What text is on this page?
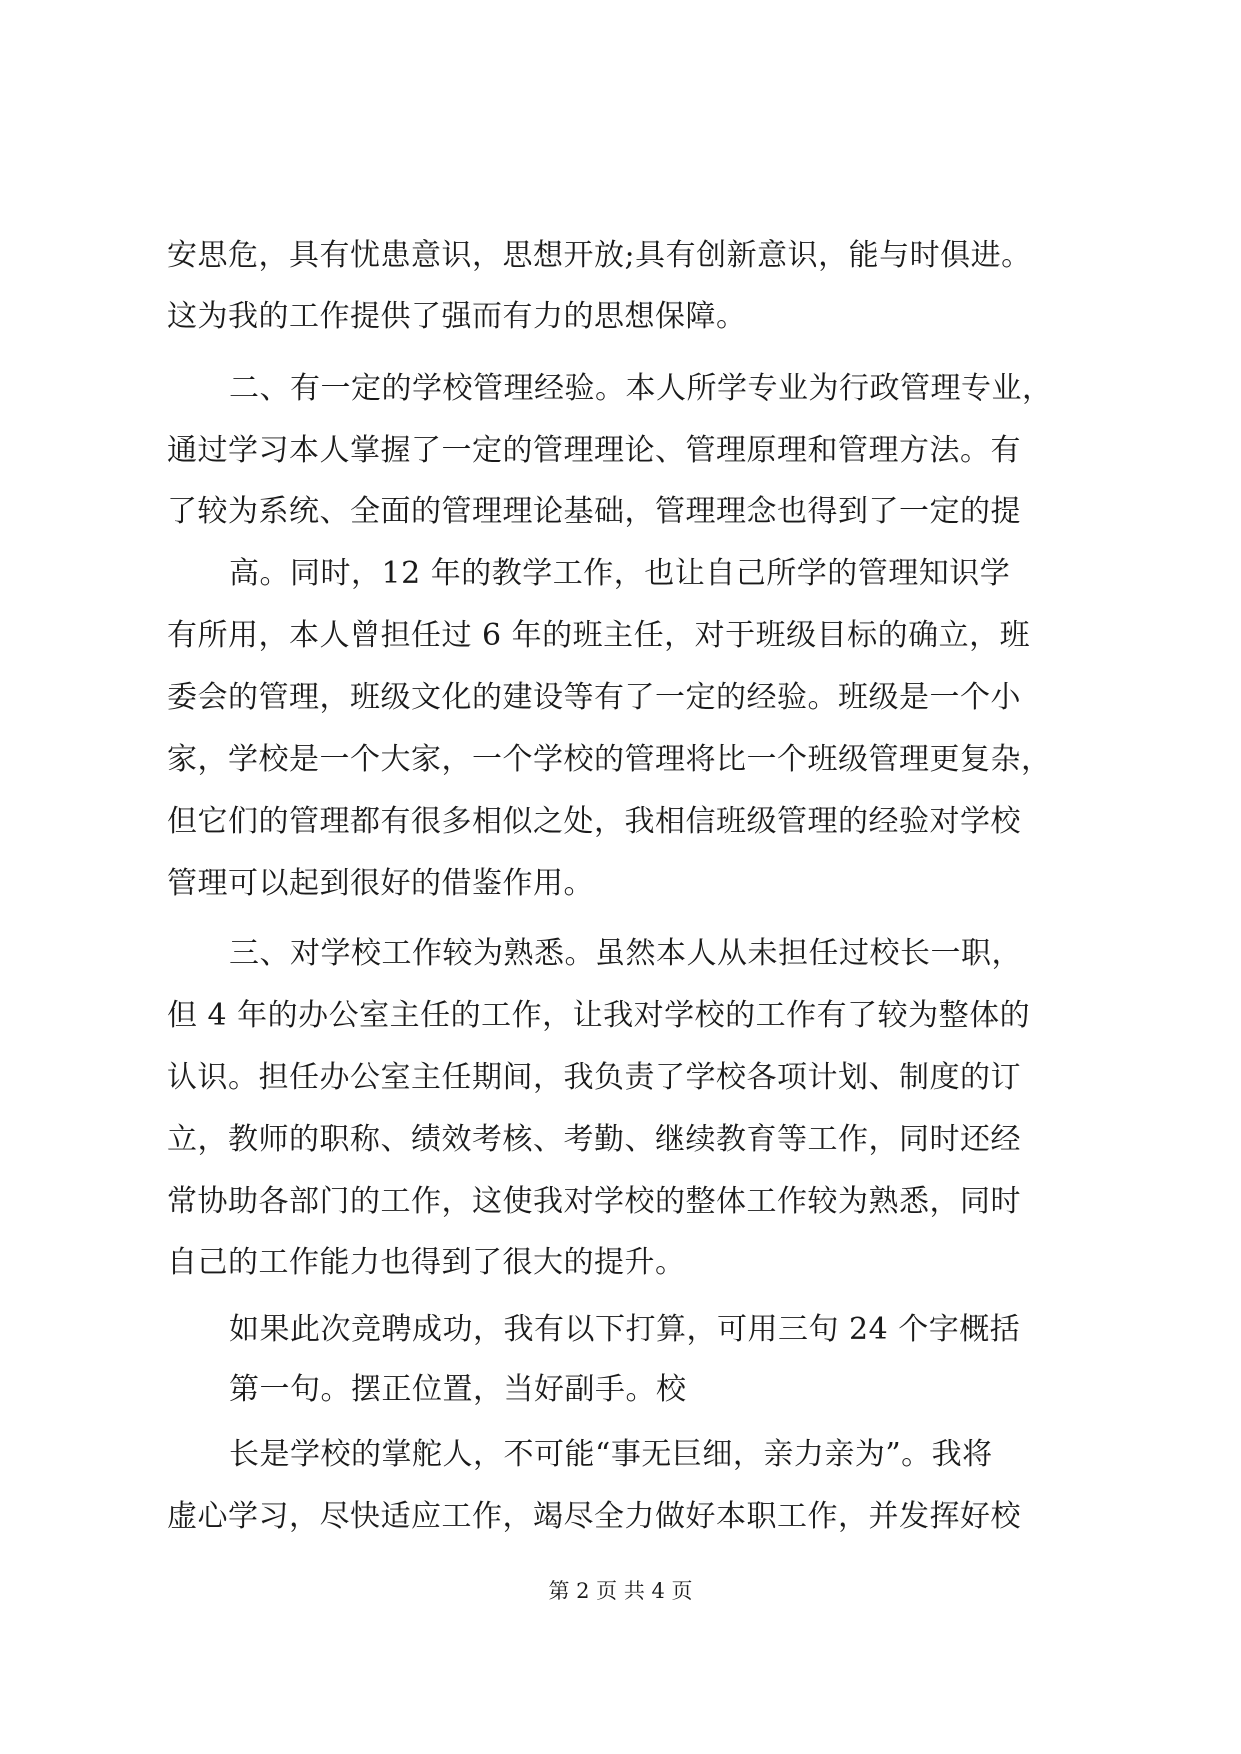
安思危，具有忧患意识，思想开放;具有创新意识，能与时俱进。
这为我的工作提供了强而有力的思想保障。
二、有一定的学校管理经验。本人所学专业为行政管理专业，
通过学习本人掌握了一定的管理理论、管理原理和管理方法。有
了较为系统、全面的管理理论基础，管理理念也得到了一定的提
高。同时，12 年的教学工作，也让自己所学的管理知识学
有所用，本人曾担任过 6 年的班主任，对于班级目标的确立，班
委会的管理，班级文化的建设等有了一定的经验。班级是一个小
家，学校是一个大家，一个学校的管理将比一个班级管理更复杂，
但它们的管理都有很多相似之处，我相信班级管理的经验对学校
管理可以起到很好的借鉴作用。
三、对学校工作较为熟悉。虽然本人从未担任过校长一职，
但 4 年的办公室主任的工作，让我对学校的工作有了较为整体的
认识。担任办公室主任期间，我负责了学校各项计划、制度的订
立，教师的职称、绩效考核、考勤、继续教育等工作，同时还经
常协助各部门的工作，这使我对学校的整体工作较为熟悉，同时
自己的工作能力也得到了很大的提升。
如果此次竞聘成功，我有以下打算，可用三句 24 个字概括
第一句。摆正位置，当好副手。校
长是学校的掌舵人，不可能“事无巨细，亲力亲为”。我将
虚心学习，尽快适应工作，竭尽全力做好本职工作，并发挥好校
第 2 页 共 4 页
